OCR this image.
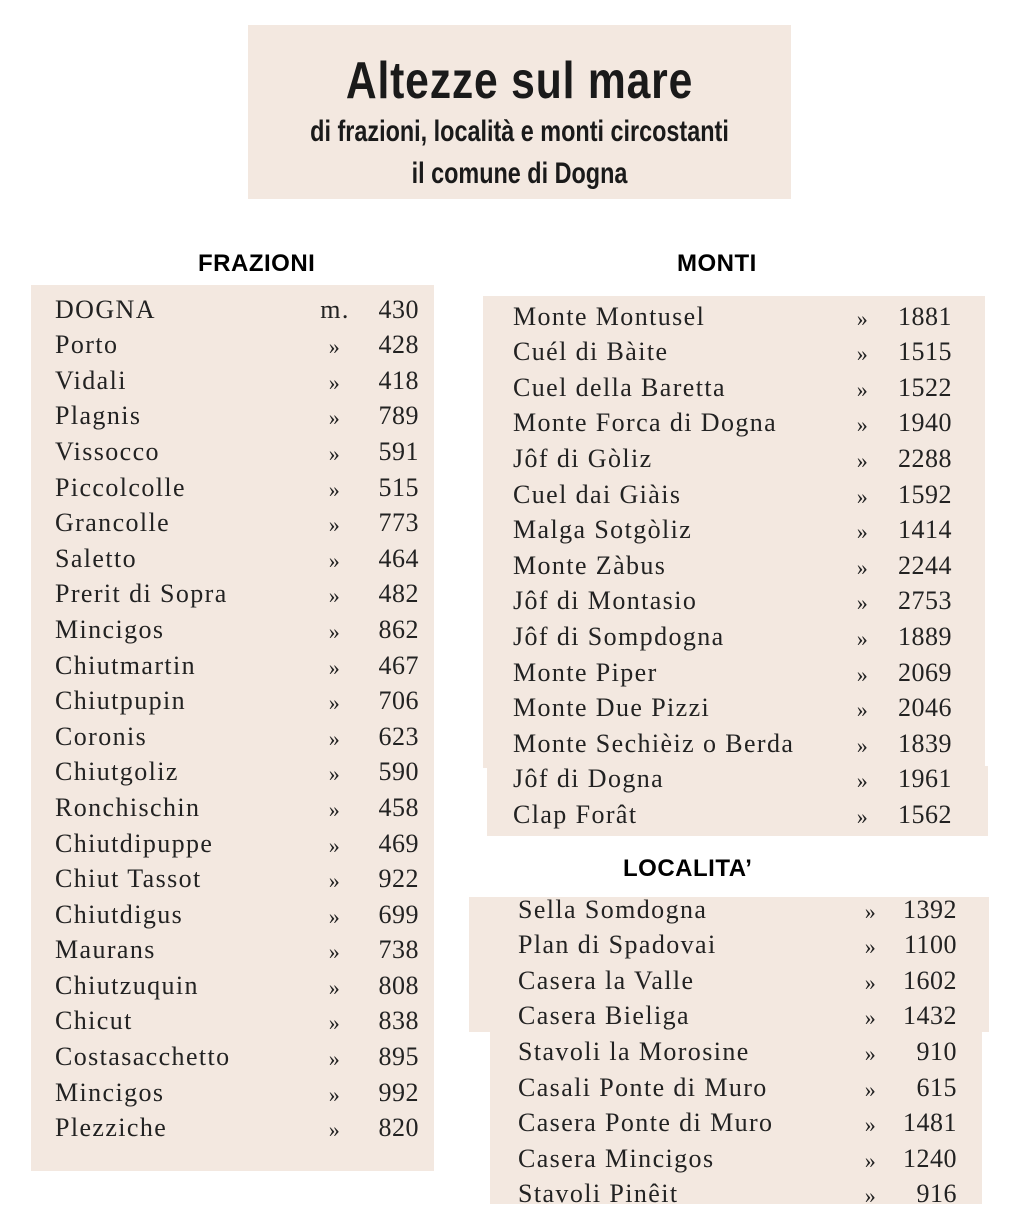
Altezze sul mare
di frazioni, località e monti circostanti
il comune di Dogna
FRAZIONI	MONTI
LOCALITA’
DOGNA	m.	430
Porto	»	428
Vidali	»	418
Plagnis	»	789
Vissocco	»	591
Piccolcolle	»	515
Grancolle	»	773
Saletto	»	464
Prerit di Sopra	»	482
Mincigos	»	862
Chiutmartin	»	467
Chiutpupin	»	706
Coronis	»	623
Chiutgoliz	»	590
Ronchischin	»	458
Chiutdipuppe	»	469
Chiut Tassot	»	922
Chiutdigus	»	699
Maurans	»	738
Chiutzuquin	»	808
Chicut	»	838
Costasacchetto	»	895
Mincigos	»	992
Plezziche	»	820
Monte Montusel	»	1881
Cuél di Bàite	»	1515
Cuel della Baretta	»	1522
Monte Forca di Dogna	»	1940
Jôf di Gòliz	»	2288
Cuel dai Giàis	»	1592
Malga Sotgòliz	»	1414
Monte Zàbus	»	2244
Jôf di Montasio	»	2753
Jôf di Sompdogna	»	1889
Monte Piper	»	2069
Monte Due Pizzi	»	2046
Monte Sechièiz o Berda	»	1839
Jôf di Dogna	»	1961
Clap Forât	»	1562
Sella Somdogna	» 1392
Plan di Spadovai	»	1100
Casera la Valle	» 1602
Casera Bieliga	» 1432
Stavoli la Morosine	»	910
Casali Ponte di Muro	»	615
Casera Ponte di Muro	» 1481
Casera Mincigos	» 1240
Stavoli Pinêit	»	916
